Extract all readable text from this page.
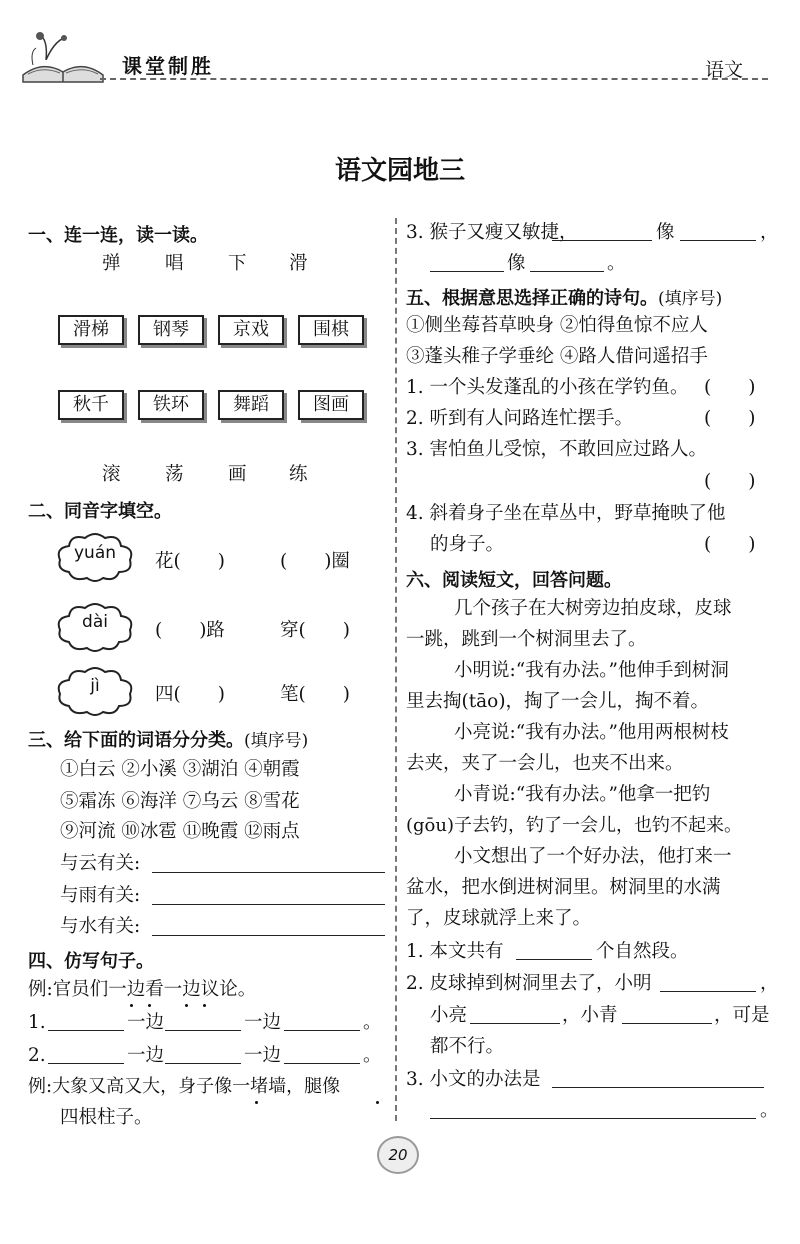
课堂制胜	语文
语文园地三
一、连一连，读一读。
弹 唱 下 滑
滑梯	钢琴	京戏	围棋
秋千	铁环	舞蹈	图画
滚 荡 画 练
二、同音字填空。
yuán	花(　　)	(　　)圈
dài	(　　)路	穿(　　)
jì	四(　　)	笔(　　)
三、给下面的词语分分类。(填序号)
①白云 ②小溪 ③湖泊 ④朝霞
⑤霜冻 ⑥海洋 ⑦乌云 ⑧雪花
⑨河流 ⑩冰雹 ⑪晚霞 ⑫雨点
与云有关:
与雨有关:
与水有关:
四、仿写句子。
例:官员们一边看一边议论。
1.	一边	一边	。
2.	一边	一边	。
例:大象又高又大，身子像一堵墙，腿像
四根柱子。
3. 猴子又瘦又敏捷，	像	，
像	。
五、根据意思选择正确的诗句。(填序号)
①侧坐莓苔草映身 ②怕得鱼惊不应人
③蓬头稚子学垂纶 ④路人借问遥招手
1. 一个头发蓬乱的小孩在学钓鱼。 (　　)
2. 听到有人问路连忙摆手。	(　　)
3. 害怕鱼儿受惊，不敢回应过路人。
(　　)
4. 斜着身子坐在草丛中，野草掩映了他
的身子。	(　　)
六、阅读短文，回答问题。
几个孩子在大树旁边拍皮球，皮球
一跳，跳到一个树洞里去了。
小明说:“我有办法。”他伸手到树洞
里去掏(tāo)，掏了一会儿，掏不着。
小亮说:“我有办法。”他用两根树枝
去夹，夹了一会儿，也夹不出来。
小青说:“我有办法。”他拿一把钓
(gōu)子去钓，钓了一会儿，也钓不起来。
小文想出了一个好办法，他打来一
盆水，把水倒进树洞里。树洞里的水满
了，皮球就浮上来了。
1. 本文共有	个自然段。
2. 皮球掉到树洞里去了，小明	，
小亮	，小青	，可是
都不行。
3. 小文的办法是
。
20
